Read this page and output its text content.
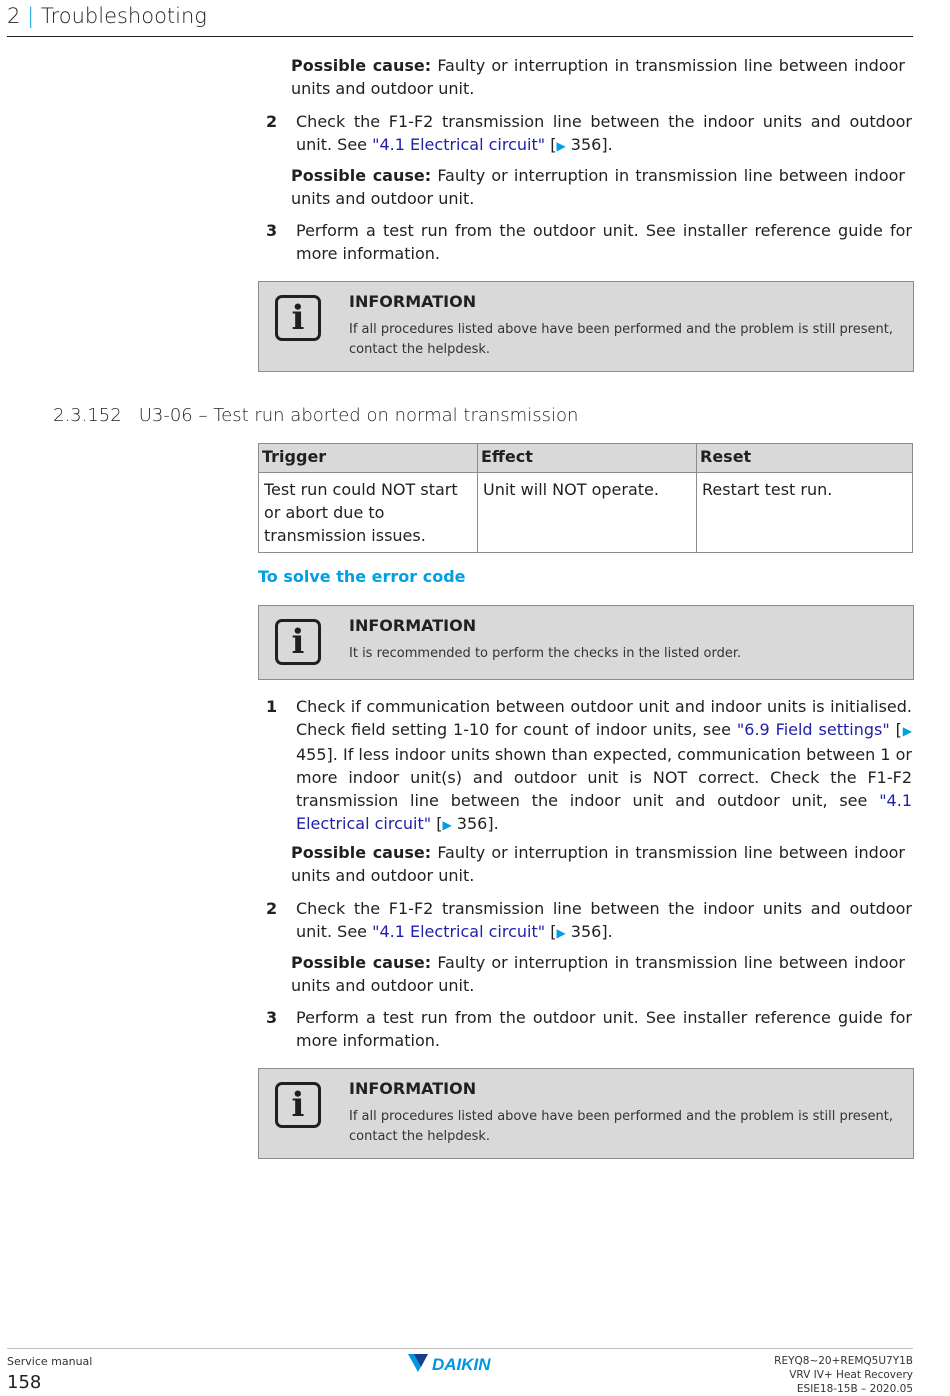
2 | Troubleshooting
Possible cause: Faulty or interruption in transmission line between indoor units and outdoor unit.
2 Check the F1-F2 transmission line between the indoor units and outdoor unit. See "4.1 Electrical circuit" [▶ 356].
Possible cause: Faulty or interruption in transmission line between indoor units and outdoor unit.
3 Perform a test run from the outdoor unit. See installer reference guide for more information.
i	INFORMATION
If all procedures listed above have been performed and the problem is still present, contact the helpdesk.
2.3.152 U3-06 – Test run aborted on normal transmission
Trigger	Effect	Reset
Test run could NOT start or abort due to transmission issues.	Unit will NOT operate.	Restart test run.
To solve the error code
i	INFORMATION
It is recommended to perform the checks in the listed order.
1 Check if communication between outdoor unit and indoor units is initialised. Check field setting 1-10 for count of indoor units, see "6.9 Field settings" [▶ 455]. If less indoor units shown than expected, communication between 1 or more indoor unit(s) and outdoor unit is NOT correct. Check the F1-F2 transmission line between the indoor unit and outdoor unit, see "4.1 Electrical circuit" [▶ 356].
Possible cause: Faulty or interruption in transmission line between indoor units and outdoor unit.
2 Check the F1-F2 transmission line between the indoor units and outdoor unit. See "4.1 Electrical circuit" [▶ 356].
Possible cause: Faulty or interruption in transmission line between indoor units and outdoor unit.
3 Perform a test run from the outdoor unit. See installer reference guide for more information.
i	INFORMATION
If all procedures listed above have been performed and the problem is still present, contact the helpdesk.
Service manual
158
DAIKIN	REYQ8~20+REMQ5U7Y1B
VRV IV+ Heat Recovery
ESIE18-15B – 2020.05
